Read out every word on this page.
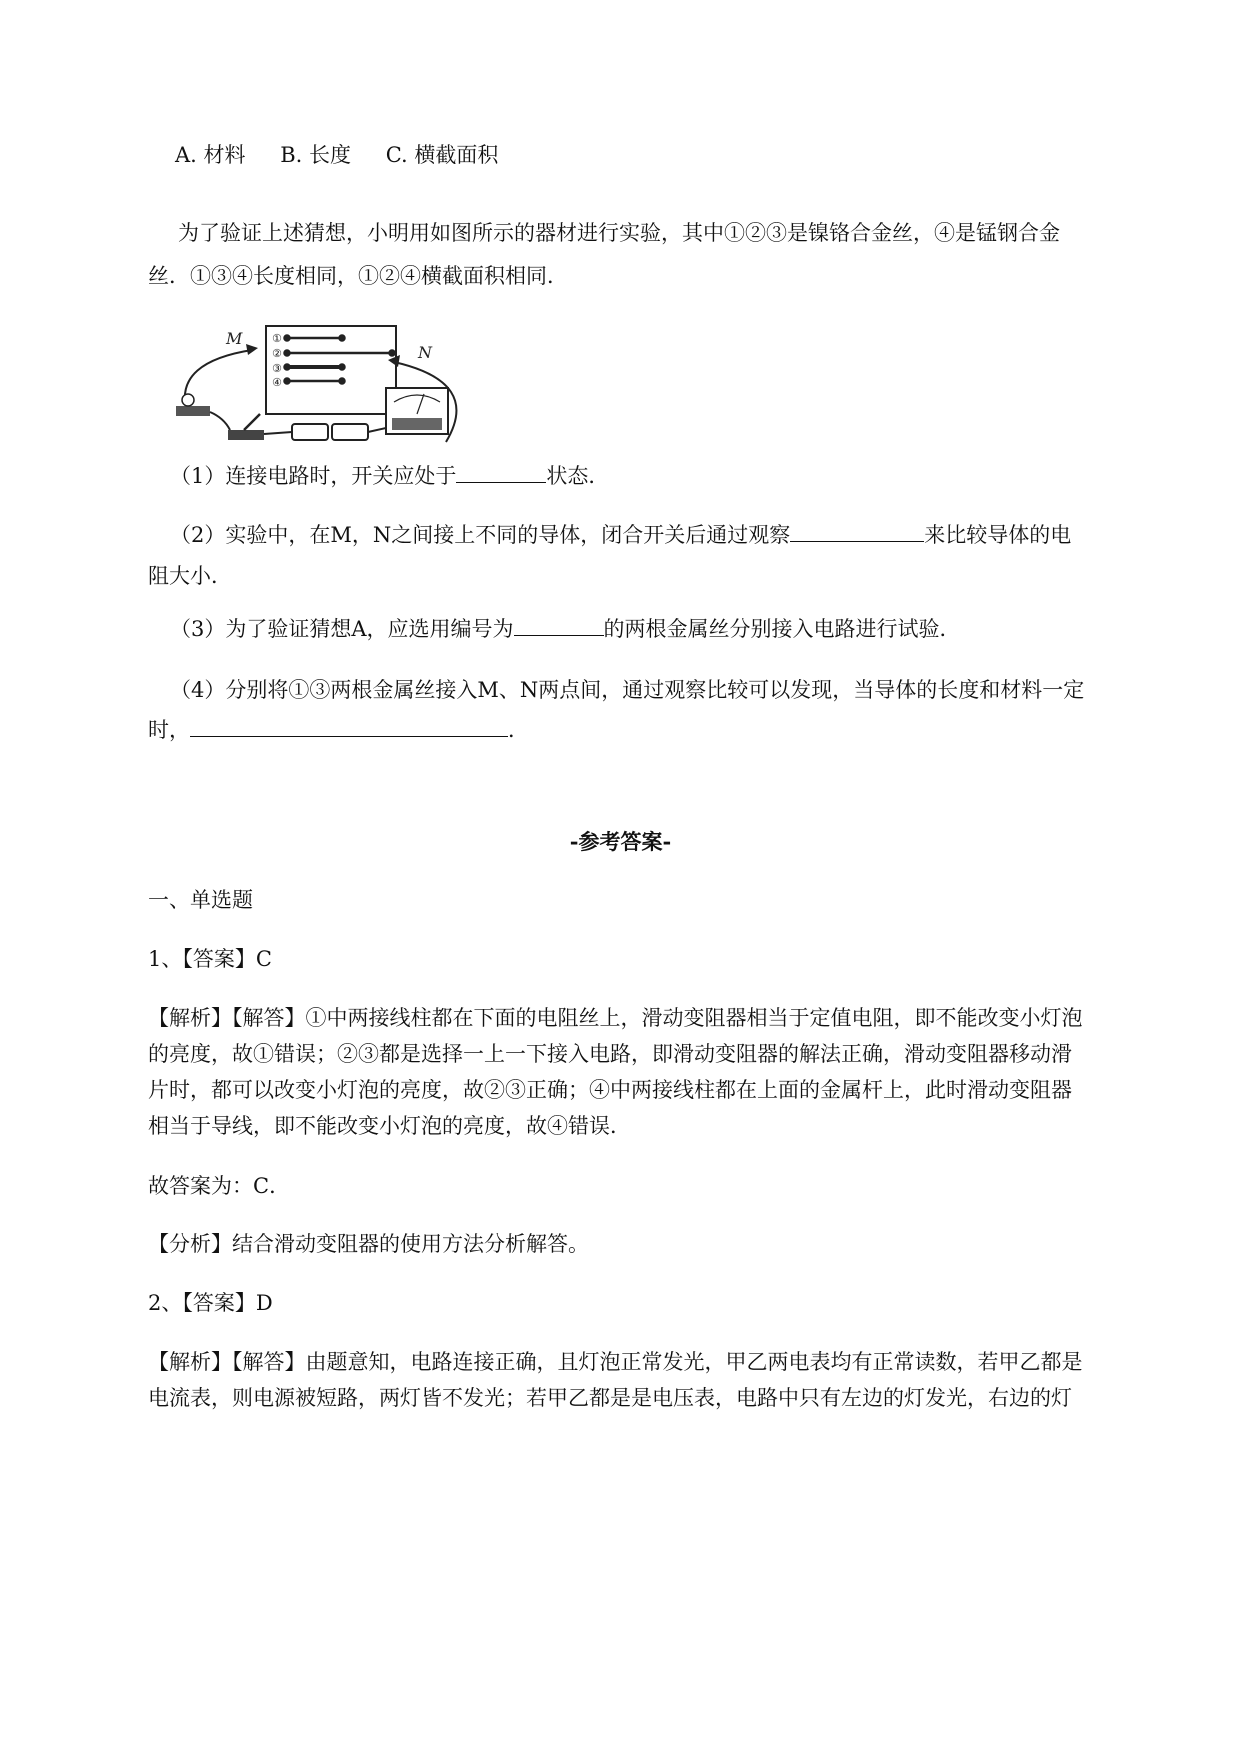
A. 材料 B. 长度 C. 横截面积
为了验证上述猜想，小明用如图所示的器材进行实验，其中①②③是镍铬合金丝，④是锰钢合金
丝．①③④长度相同，①②④横截面积相同．
①
②
③
④
M
N
（1）连接电路时，开关应处于	状态．
（2）实验中，在M，N之间接上不同的导体，闭合开关后通过观察	来比较导体的电
阻大小．
（3）为了验证猜想A，应选用编号为	的两根金属丝分别接入电路进行试验．
（4）分别将①③两根金属丝接入M、N两点间，通过观察比较可以发现，当导体的长度和材料一定
时，	．
-参考答案-
一、单选题
1、【答案】C
【解析】【解答】①中两接线柱都在下面的电阻丝上，滑动变阻器相当于定值电阻，即不能改变小灯泡
的亮度，故①错误；②③都是选择一上一下接入电路，即滑动变阻器的解法正确，滑动变阻器移动滑
片时，都可以改变小灯泡的亮度，故②③正确；④中两接线柱都在上面的金属杆上，此时滑动变阻器
相当于导线，即不能改变小灯泡的亮度，故④错误．
故答案为：C．
【分析】结合滑动变阻器的使用方法分析解答。
2、【答案】D
【解析】【解答】由题意知，电路连接正确，且灯泡正常发光，甲乙两电表均有正常读数，若甲乙都是
电流表，则电源被短路，两灯皆不发光；若甲乙都是是电压表，电路中只有左边的灯发光，右边的灯
